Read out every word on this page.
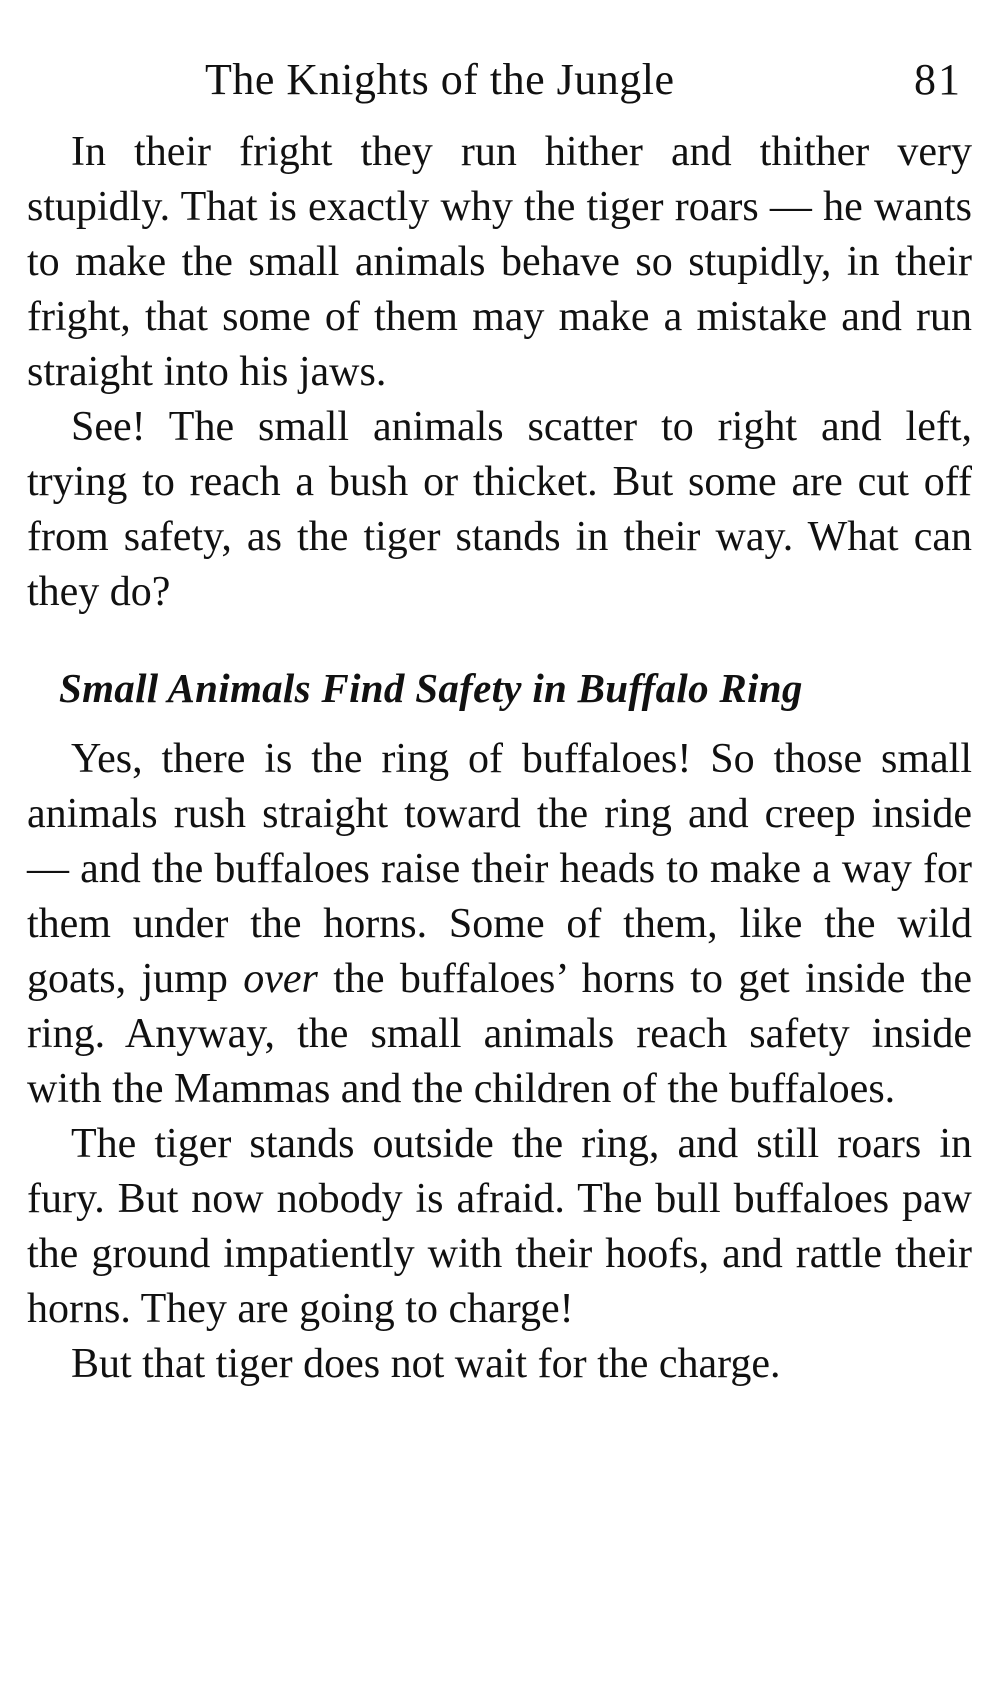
The Knights of the Jungle	81

In their fright they run hither and thither very stupidly. That is exactly why the tiger roars — he wants to make the small animals behave so stupidly, in their fright, that some of them may make a mistake and run straight into his jaws.

See! The small animals scatter to right and left, trying to reach a bush or thicket. But some are cut off from safety, as the tiger stands in their way. What can they do?

Small Animals Find Safety in Buffalo Ring

Yes, there is the ring of buffaloes! So those small animals rush straight toward the ring and creep inside — and the buffaloes raise their heads to make a way for them under the horns. Some of them, like the wild goats, jump over the buffaloes’ horns to get inside the ring. Anyway, the small animals reach safety inside with the Mammas and the children of the buffaloes.

The tiger stands outside the ring, and still roars in fury. But now nobody is afraid. The bull buffaloes paw the ground impatiently with their hoofs, and rattle their horns. They are going to charge!

But that tiger does not wait for the charge.
